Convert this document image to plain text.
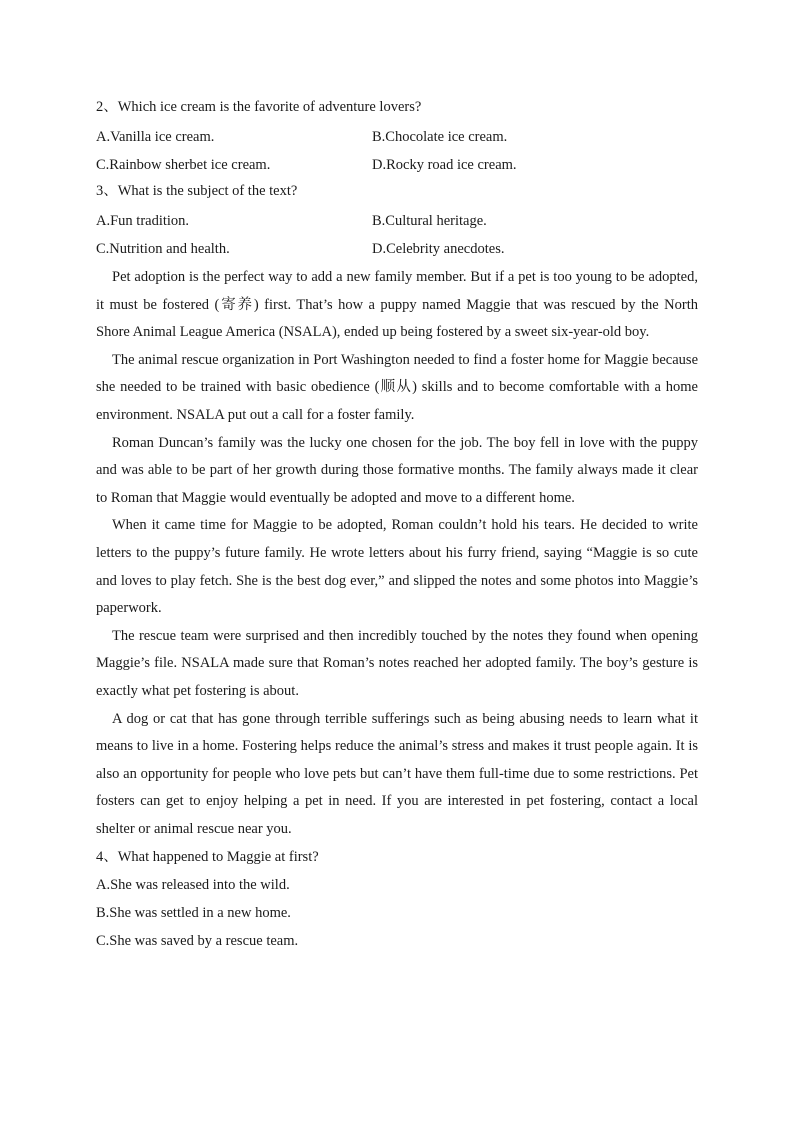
2、Which ice cream is the favorite of adventure lovers?
A.Vanilla ice cream.	B.Chocolate ice cream.
C.Rainbow sherbet ice cream.	D.Rocky road ice cream.
3、What is the subject of the text?
A.Fun tradition.	B.Cultural heritage.
C.Nutrition and health.	D.Celebrity anecdotes.

Pet adoption is the perfect way to add a new family member. But if a pet is too young to be adopted, it must be fostered (寄养) first. That’s how a puppy named Maggie that was rescued by the North Shore Animal League America (NSALA), ended up being fostered by a sweet six-year-old boy.

The animal rescue organization in Port Washington needed to find a foster home for Maggie because she needed to be trained with basic obedience (顺从) skills and to become comfortable with a home environment. NSALA put out a call for a foster family.

Roman Duncan’s family was the lucky one chosen for the job. The boy fell in love with the puppy and was able to be part of her growth during those formative months. The family always made it clear to Roman that Maggie would eventually be adopted and move to a different home.

When it came time for Maggie to be adopted, Roman couldn’t hold his tears. He decided to write letters to the puppy’s future family. He wrote letters about his furry friend, saying “Maggie is so cute and loves to play fetch. She is the best dog ever,” and slipped the notes and some photos into Maggie’s paperwork.

The rescue team were surprised and then incredibly touched by the notes they found when opening Maggie’s file. NSALA made sure that Roman’s notes reached her adopted family. The boy’s gesture is exactly what pet fostering is about.

A dog or cat that has gone through terrible sufferings such as being abusing needs to learn what it means to live in a home. Fostering helps reduce the animal’s stress and makes it trust people again. It is also an opportunity for people who love pets but can’t have them full-time due to some restrictions. Pet fosters can get to enjoy helping a pet in need. If you are interested in pet fostering, contact a local shelter or animal rescue near you.

4、What happened to Maggie at first?
A.She was released into the wild.
B.She was settled in a new home.
C.She was saved by a rescue team.
